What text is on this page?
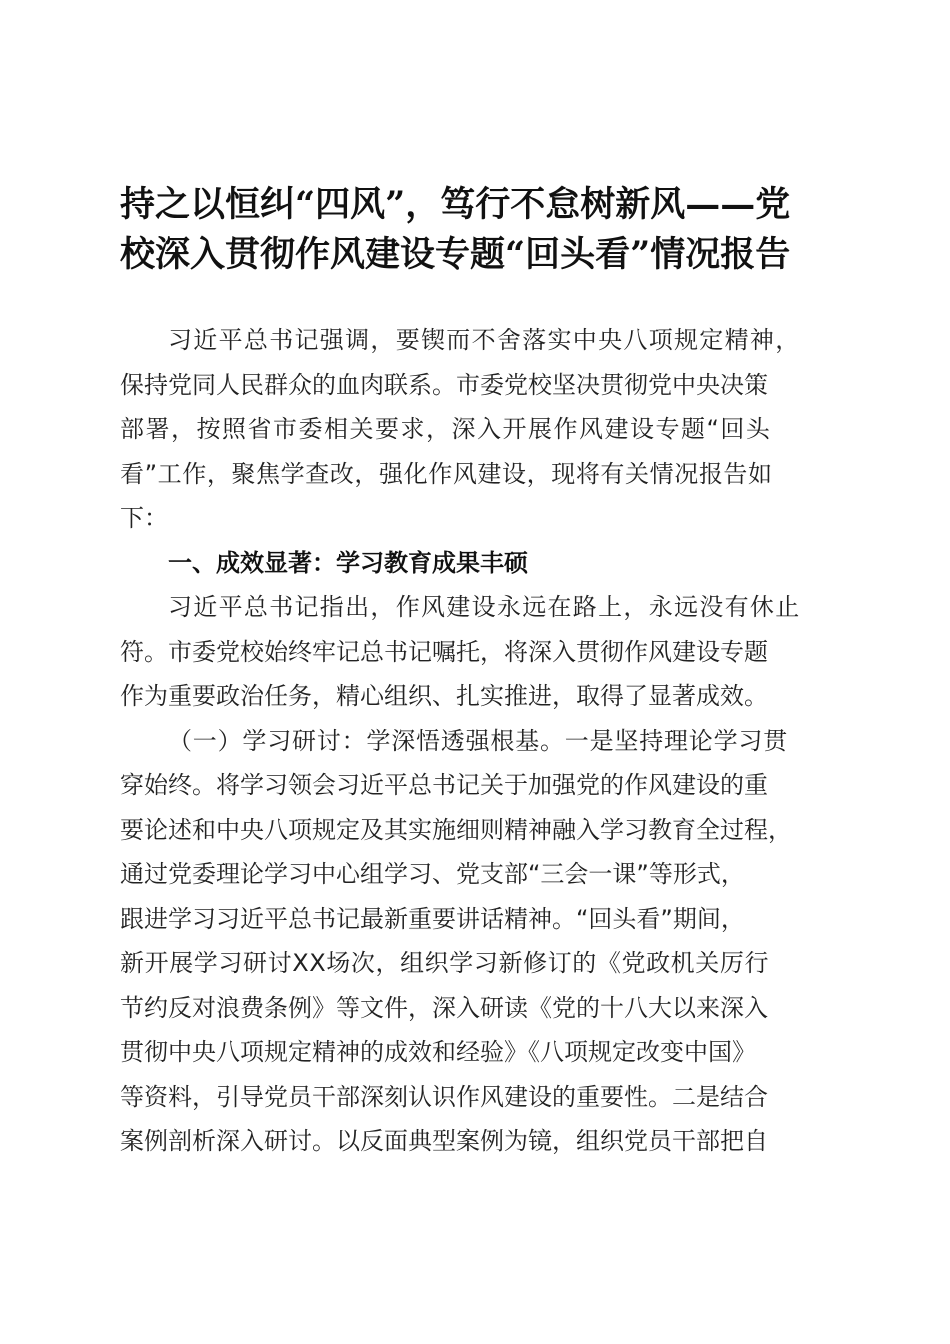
持之以恒纠“四风”，笃行不怠树新风——党
校深入贯彻作风建设专题“回头看”情况报告
习近平总书记强调，要锲而不舍落实中央八项规定精神，
保持党同人民群众的血肉联系。市委党校坚决贯彻党中央决策
部署，按照省市委相关要求，深入开展作风建设专题“回头
看”工作，聚焦学查改，强化作风建设，现将有关情况报告如
下：
一、成效显著：学习教育成果丰硕
习近平总书记指出，作风建设永远在路上，永远没有休止
符。市委党校始终牢记总书记嘱托，将深入贯彻作风建设专题
作为重要政治任务，精心组织、扎实推进，取得了显著成效。
（一）学习研讨：学深悟透强根基。一是坚持理论学习贯
穿始终。将学习领会习近平总书记关于加强党的作风建设的重
要论述和中央八项规定及其实施细则精神融入学习教育全过程，
通过党委理论学习中心组学习、党支部“三会一课”等形式，
跟进学习习近平总书记最新重要讲话精神。“回头看”期间，
新开展学习研讨XX场次，组织学习新修订的《党政机关厉行
节约反对浪费条例》等文件，深入研读《党的十八大以来深入
贯彻中央八项规定精神的成效和经验》《八项规定改变中国》
等资料，引导党员干部深刻认识作风建设的重要性。二是结合
案例剖析深入研讨。以反面典型案例为镜，组织党员干部把自
